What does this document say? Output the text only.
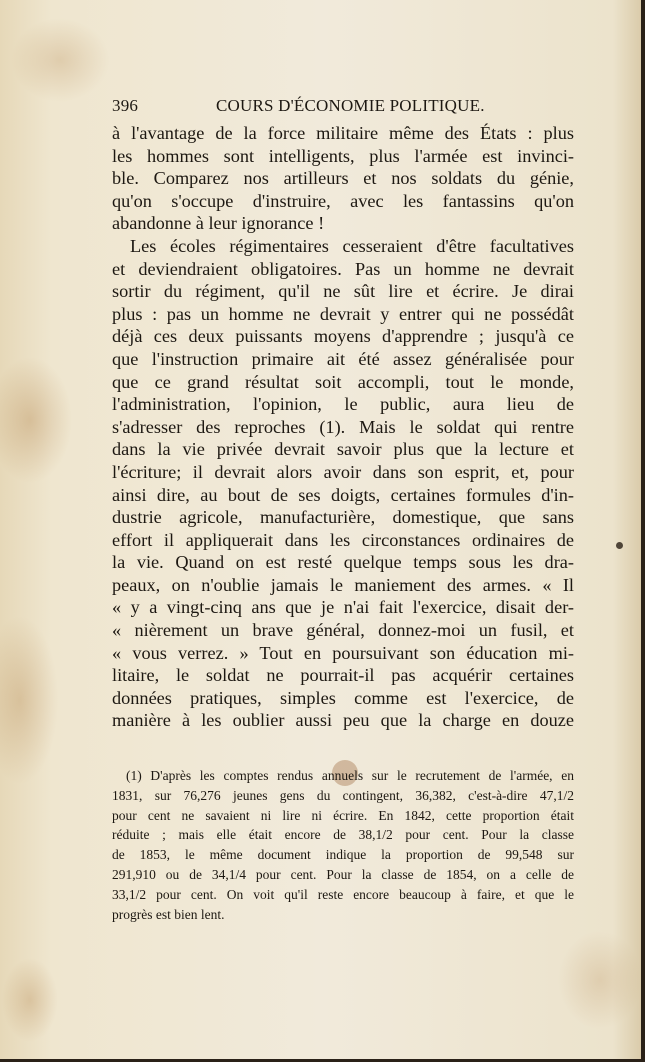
396	COURS D'ÉCONOMIE POLITIQUE.
à l'avantage de la force militaire même des États : plus
les hommes sont intelligents, plus l'armée est invinci-
ble. Comparez nos artilleurs et nos soldats du génie,
qu'on s'occupe d'instruire, avec les fantassins qu'on
abandonne à leur ignorance !
Les écoles régimentaires cesseraient d'être facultatives
et deviendraient obligatoires. Pas un homme ne devrait
sortir du régiment, qu'il ne sût lire et écrire. Je dirai
plus : pas un homme ne devrait y entrer qui ne possédât
déjà ces deux puissants moyens d'apprendre ; jusqu'à ce
que l'instruction primaire ait été assez généralisée pour
que ce grand résultat soit accompli, tout le monde,
l'administration, l'opinion, le public, aura lieu de
s'adresser des reproches (1). Mais le soldat qui rentre
dans la vie privée devrait savoir plus que la lecture et
l'écriture; il devrait alors avoir dans son esprit, et, pour
ainsi dire, au bout de ses doigts, certaines formules d'in-
dustrie agricole, manufacturière, domestique, que sans
effort il appliquerait dans les circonstances ordinaires de
la vie. Quand on est resté quelque temps sous les dra-
peaux, on n'oublie jamais le maniement des armes. « Il
« y a vingt-cinq ans que je n'ai fait l'exercice, disait der-
« nièrement un brave général, donnez-moi un fusil, et
« vous verrez. » Tout en poursuivant son éducation mi-
litaire, le soldat ne pourrait-il pas acquérir certaines
données pratiques, simples comme est l'exercice, de
manière à les oublier aussi peu que la charge en douze
(1) D'après les comptes rendus annuels sur le recrutement de l'armée, en
1831, sur 76,276 jeunes gens du contingent, 36,382, c'est-à-dire 47,1/2
pour cent ne savaient ni lire ni écrire. En 1842, cette proportion était
réduite ; mais elle était encore de 38,1/2 pour cent. Pour la classe
de 1853, le même document indique la proportion de 99,548 sur
291,910 ou de 34,1/4 pour cent. Pour la classe de 1854, on a celle de
33,1/2 pour cent. On voit qu'il reste encore beaucoup à faire, et que le
progrès est bien lent.
